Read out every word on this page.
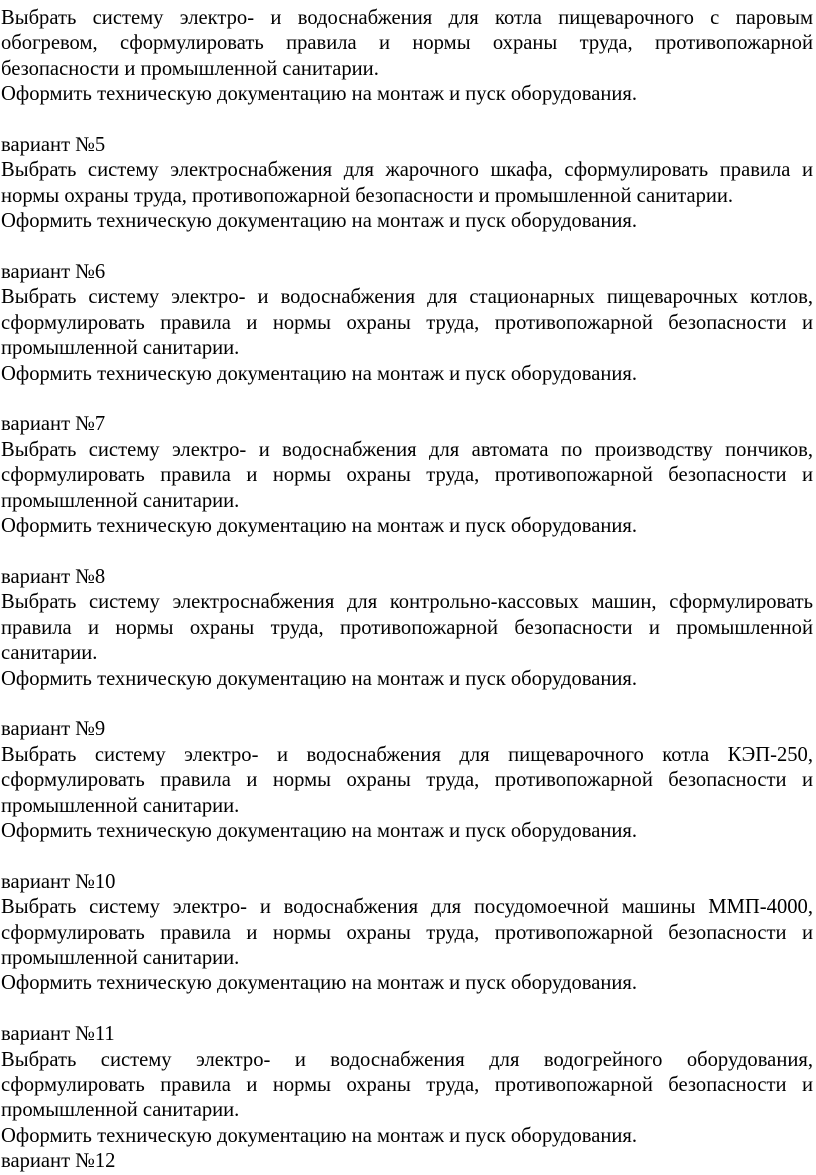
Выбрать систему электро- и водоснабжения для котла пищеварочного с паровым обогревом, сформулировать правила и нормы охраны труда, противопожарной безопасности и промышленной санитарии.
Оформить техническую документацию на монтаж и пуск оборудования.
вариант №5
Выбрать систему электроснабжения для жарочного шкафа, сформулировать правила и нормы охраны труда, противопожарной безопасности и промышленной санитарии.
Оформить техническую документацию на монтаж и пуск оборудования.
вариант №6
Выбрать систему электро- и водоснабжения для стационарных пищеварочных котлов, сформулировать правила и нормы охраны труда, противопожарной безопасности и промышленной санитарии.
Оформить техническую документацию на монтаж и пуск оборудования.
вариант №7
Выбрать систему электро- и водоснабжения для автомата по производству пончиков, сформулировать правила и нормы охраны труда, противопожарной безопасности и промышленной санитарии.
Оформить техническую документацию на монтаж и пуск оборудования.
вариант №8
Выбрать систему электроснабжения для контрольно-кассовых машин, сформулировать правила и нормы охраны труда, противопожарной безопасности и промышленной санитарии.
Оформить техническую документацию на монтаж и пуск оборудования.
вариант №9
Выбрать систему электро- и водоснабжения для пищеварочного котла КЭП-250, сформулировать правила и нормы охраны труда, противопожарной безопасности и промышленной санитарии.
Оформить техническую документацию на монтаж и пуск оборудования.
вариант №10
Выбрать систему электро- и водоснабжения для посудомоечной машины ММП-4000, сформулировать правила и нормы охраны труда, противопожарной безопасности и промышленной санитарии.
Оформить техническую документацию на монтаж и пуск оборудования.
вариант №11
Выбрать систему электро- и водоснабжения для водогрейного оборудования, сформулировать правила и нормы охраны труда, противопожарной безопасности и промышленной санитарии.
Оформить техническую документацию на монтаж и пуск оборудования.
вариант №12
